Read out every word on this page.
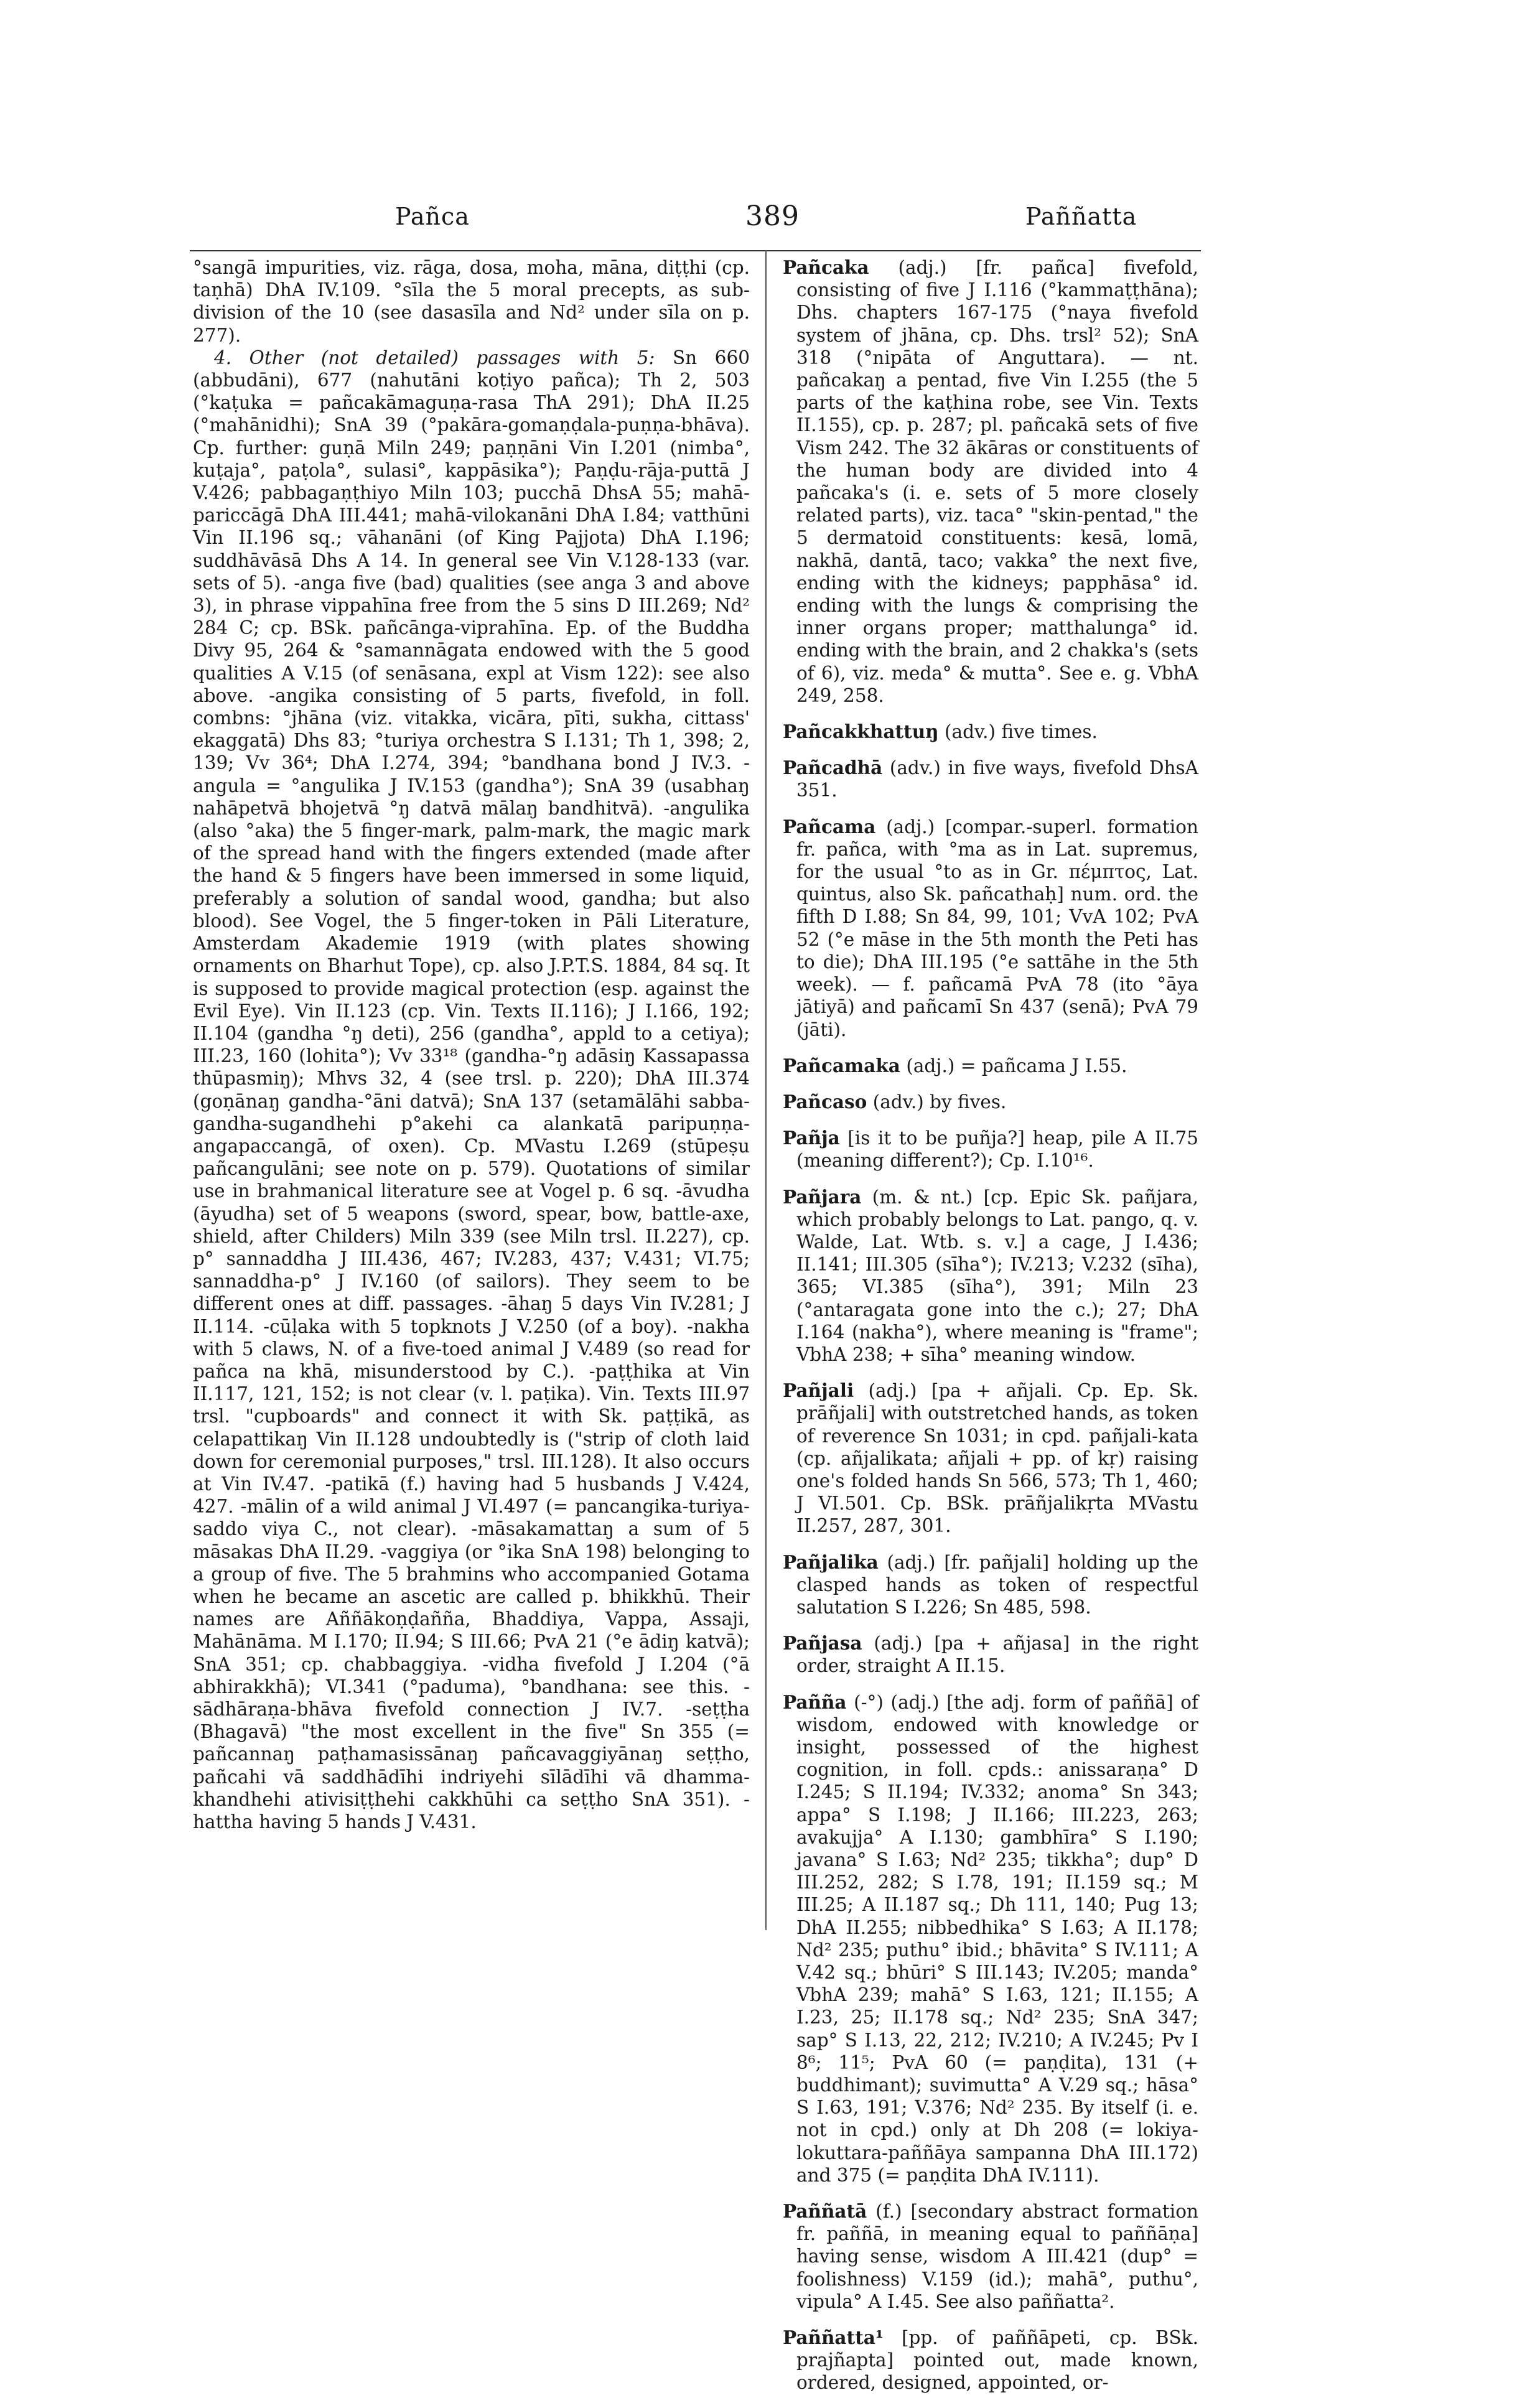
Pañca	389	Paññatta

°sangā impurities, viz. rāga, dosa, moha, māna, diṭṭhi (cp. taṇhā) DhA IV.109. °sīla the 5 moral precepts, as sub-division of the 10 (see dasasīla and Nd² under sīla on p. 277).

4. Other (not detailed) passages with 5: Sn 660 (abbudāni), 677 (nahutāni koṭiyo pañca); Th 2, 503 (°kaṭuka = pañcakāmaguṇa-rasa ThA 291); DhA II.25 (°mahānidhi); SnA 39 (°pakāra-gomaṇḍala-puṇṇa-bhāva). Cp. further: guṇā Miln 249; paṇṇāni Vin I.201 (nimba°, kuṭaja°, paṭola°, sulasi°, kappāsika°); Paṇḍu-rāja-puttā J V.426; pabbagaṇṭhiyo Miln 103; pucchā DhsA 55; mahā-pariccāgā DhA III.441; mahā-vilokanāni DhA I.84; vatthūni Vin II.196 sq.; vāhanāni (of King Pajjota) DhA I.196; suddhāvāsā Dhs A 14. In general see Vin V.128-133 (var. sets of 5). -anga five (bad) qualities (see anga 3 and above 3), in phrase vippahīna free from the 5 sins D III.269; Nd² 284 C; cp. BSk. pañcānga-viprahīna. Ep. of the Buddha Divy 95, 264 & °samannāgata endowed with the 5 good qualities A V.15 (of senāsana, expl at Vism 122): see also above. -angika consisting of 5 parts, fivefold, in foll. combns: °jhāna (viz. vitakka, vicāra, pīti, sukha, cittass' ekaggatā) Dhs 83; °turiya orchestra S I.131; Th 1, 398; 2, 139; Vv 36⁴; DhA I.274, 394; °bandhana bond J IV.3. -angula = °angulika J IV.153 (gandha°); SnA 39 (usabhaŋ nahāpetvā bhojetvā °ŋ datvā mālaŋ bandhitvā). -angulika (also °aka) the 5 finger-mark, palm-mark, the magic mark of the spread hand with the fingers extended (made after the hand & 5 fingers have been immersed in some liquid, preferably a solution of sandal wood, gandha; but also blood). See Vogel, the 5 finger-token in Pāli Literature, Amsterdam Akademie 1919 (with plates showing ornaments on Bharhut Tope), cp. also J.P.T.S. 1884, 84 sq. It is supposed to provide magical protection (esp. against the Evil Eye). Vin II.123 (cp. Vin. Texts II.116); J I.166, 192; II.104 (gandha °ŋ deti), 256 (gandha°, appld to a cetiya); III.23, 160 (lohita°); Vv 33¹⁸ (gandha-°ŋ adāsiŋ Kassapassa thūpasmiŋ); Mhvs 32, 4 (see trsl. p. 220); DhA III.374 (goṇānaŋ gandha-°āni datvā); SnA 137 (setamālāhi sabba-gandha-sugandhehi p°akehi ca alankatā paripuṇṇa-angapaccangā, of oxen). Cp. MVastu I.269 (stūpeṣu pañcangulāni; see note on p. 579). Quotations of similar use in brahmanical literature see at Vogel p. 6 sq. -āvudha (āyudha) set of 5 weapons (sword, spear, bow, battle-axe, shield, after Childers) Miln 339 (see Miln trsl. II.227), cp. p° sannaddha J III.436, 467; IV.283, 437; V.431; VI.75; sannaddha-p° J IV.160 (of sailors). They seem to be different ones at diff. passages. -āhaŋ 5 days Vin IV.281; J II.114. -cūḷaka with 5 topknots J V.250 (of a boy). -nakha with 5 claws, N. of a five-toed animal J V.489 (so read for pañca na khā, misunderstood by C.). -paṭṭhika at Vin II.117, 121, 152; is not clear (v. l. paṭika). Vin. Texts III.97 trsl. "cupboards" and connect it with Sk. paṭṭikā, as celapattikaŋ Vin II.128 undoubtedly is ("strip of cloth laid down for ceremonial purposes," trsl. III.128). It also occurs at Vin IV.47. -patikā (f.) having had 5 husbands J V.424, 427. -mālin of a wild animal J VI.497 (= pancangika-turiya-saddo viya C., not clear). -māsakamattaŋ a sum of 5 māsakas DhA II.29. -vaggiya (or °ika SnA 198) belonging to a group of five. The 5 brahmins who accompanied Gotama when he became an ascetic are called p. bhikkhū. Their names are Aññākoṇḍañña, Bhaddiya, Vappa, Assaji, Mahānāma. M I.170; II.94; S III.66; PvA 21 (°e ādiŋ katvā); SnA 351; cp. chabbaggiya. -vidha fivefold J I.204 (°ā abhirakkhā); VI.341 (°paduma), °bandhana: see this. -sādhāraṇa-bhāva fivefold connection J IV.7. -seṭṭha (Bhagavā) "the most excellent in the five" Sn 355 (= pañcannaŋ paṭhamasissānaŋ pañcavaggiyānaŋ seṭṭho, pañcahi vā saddhādīhi indriyehi sīlādīhi vā dhamma-khandhehi ativisiṭṭhehi cakkhūhi ca seṭṭho SnA 351). -hattha having 5 hands J V.431.

Pañcaka (adj.) [fr. pañca] fivefold, consisting of five J I.116 (°kammaṭṭhāna); Dhs. chapters 167-175 (°naya fivefold system of jhāna, cp. Dhs. trsl² 52); SnA 318 (°nipāta of Anguttara). — nt. pañcakaŋ a pentad, five Vin I.255 (the 5 parts of the kaṭhina robe, see Vin. Texts II.155), cp. p. 287; pl. pañcakā sets of five Vism 242. The 32 ākāras or constituents of the human body are divided into 4 pañcaka's (i. e. sets of 5 more closely related parts), viz. taca° "skin-pentad," the 5 dermatoid constituents: kesā, lomā, nakhā, dantā, taco; vakka° the next five, ending with the kidneys; papphāsa° id. ending with the lungs & comprising the inner organs proper; matthalunga° id. ending with the brain, and 2 chakka's (sets of 6), viz. meda° & mutta°. See e. g. VbhA 249, 258.

Pañcakkhattuŋ (adv.) five times.

Pañcadhā (adv.) in five ways, fivefold DhsA 351.

Pañcama (adj.) [compar.-superl. formation fr. pañca, with °ma as in Lat. supremus, for the usual °to as in Gr. πέμπτος, Lat. quintus, also Sk. pañcathaḥ] num. ord. the fifth D I.88; Sn 84, 99, 101; VvA 102; PvA 52 (°e māse in the 5th month the Peti has to die); DhA III.195 (°e sattāhe in the 5th week). — f. pañcamā PvA 78 (ito °āya jātiyā) and pañcamī Sn 437 (senā); PvA 79 (jāti).

Pañcamaka (adj.) = pañcama J I.55.

Pañcaso (adv.) by fives.

Pañja [is it to be puñja?] heap, pile A II.75 (meaning different?); Cp. I.10¹⁶.

Pañjara (m. & nt.) [cp. Epic Sk. pañjara, which probably belongs to Lat. pango, q. v. Walde, Lat. Wtb. s. v.] a cage, J I.436; II.141; III.305 (sīha°); IV.213; V.232 (sīha), 365; VI.385 (sīha°), 391; Miln 23 (°antaragata gone into the c.); 27; DhA I.164 (nakha°), where meaning is "frame"; VbhA 238; + sīha° meaning window.

Pañjali (adj.) [pa + añjali. Cp. Ep. Sk. prāñjali] with outstretched hands, as token of reverence Sn 1031; in cpd. pañjali-kata (cp. añjalikata; añjali + pp. of kṛ) raising one's folded hands Sn 566, 573; Th 1, 460; J VI.501. Cp. BSk. prāñjalikṛta MVastu II.257, 287, 301.

Pañjalika (adj.) [fr. pañjali] holding up the clasped hands as token of respectful salutation S I.226; Sn 485, 598.

Pañjasa (adj.) [pa + añjasa] in the right order, straight A II.15.

Pañña (-°) (adj.) [the adj. form of paññā] of wisdom, endowed with knowledge or insight, possessed of the highest cognition, in foll. cpds.: anissaraṇa° D I.245; S II.194; IV.332; anoma° Sn 343; appa° S I.198; J II.166; III.223, 263; avakujja° A I.130; gambhīra° S I.190; javana° S I.63; Nd² 235; tikkha°; dup° D III.252, 282; S I.78, 191; II.159 sq.; M III.25; A II.187 sq.; Dh 111, 140; Pug 13; DhA II.255; nibbedhika° S I.63; A II.178; Nd² 235; puthu° ibid.; bhāvita° S IV.111; A V.42 sq.; bhūri° S III.143; IV.205; manda° VbhA 239; mahā° S I.63, 121; II.155; A I.23, 25; II.178 sq.; Nd² 235; SnA 347; sap° S I.13, 22, 212; IV.210; A IV.245; Pv I 8⁶; 11⁵; PvA 60 (= paṇḍita), 131 (+ buddhimant); suvimutta° A V.29 sq.; hāsa° S I.63, 191; V.376; Nd² 235. By itself (i. e. not in cpd.) only at Dh 208 (= lokiya-lokuttara-paññāya sampanna DhA III.172) and 375 (= paṇḍita DhA IV.111).

Paññatā (f.) [secondary abstract formation fr. paññā, in meaning equal to paññāṇa] having sense, wisdom A III.421 (dup° = foolishness) V.159 (id.); mahā°, puthu°, vipula° A I.45. See also paññatta².

Paññatta¹ [pp. of paññāpeti, cp. BSk. prajñapta] pointed out, made known, ordered, designed, appointed, or-
